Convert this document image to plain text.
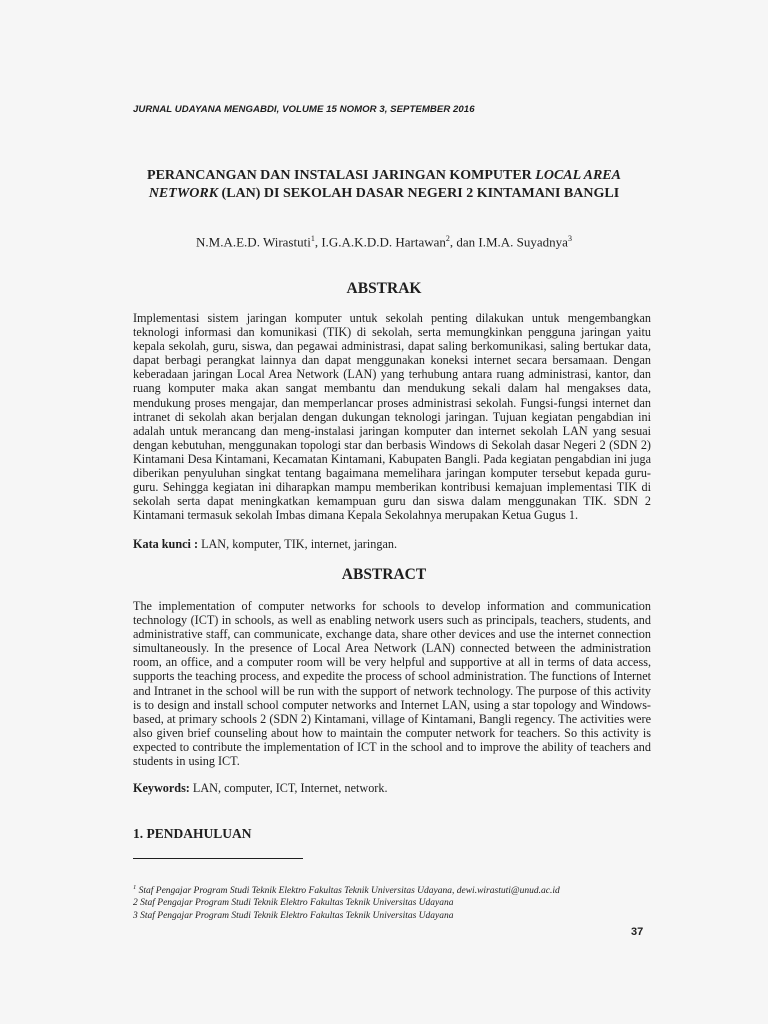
JURNAL UDAYANA MENGABDI, VOLUME 15 NOMOR 3, SEPTEMBER 2016
PERANCANGAN DAN INSTALASI JARINGAN KOMPUTER LOCAL AREA
NETWORK (LAN) DI SEKOLAH DASAR NEGERI 2 KINTAMANI BANGLI
N.M.A.E.D. Wirastuti$^1$, I.G.A.K.D.D. Hartawan$^2$, dan I.M.A. Suyadnya$^3$
ABSTRAK
Implementasi sistem jaringan komputer untuk sekolah penting dilakukan untuk mengembangkan teknologi informasi dan komunikasi (TIK) di sekolah, serta memungkinkan pengguna jaringan yaitu kepala sekolah, guru, siswa, dan pegawai administrasi, dapat saling berkomunikasi, saling bertukar data, dapat berbagi perangkat lainnya dan dapat menggunakan koneksi internet secara bersamaan. Dengan keberadaan jaringan Local Area Network (LAN) yang terhubung antara ruang administrasi, kantor, dan ruang komputer maka akan sangat membantu dan mendukung sekali dalam hal mengakses data, mendukung proses mengajar, dan memperlancar proses administrasi sekolah. Fungsi-fungsi internet dan intranet di sekolah akan berjalan dengan dukungan teknologi jaringan. Tujuan kegiatan pengabdian ini adalah untuk merancang dan meng-instalasi jaringan komputer dan internet sekolah LAN yang sesuai dengan kebutuhan, menggunakan topologi star dan berbasis Windows di Sekolah dasar Negeri 2 (SDN 2) Kintamani Desa Kintamani, Kecamatan Kintamani, Kabupaten Bangli. Pada kegiatan pengabdian ini juga diberikan penyuluhan singkat tentang bagaimana memelihara jaringan komputer tersebut kepada guru-guru. Sehingga kegiatan ini diharapkan mampu memberikan kontribusi kemajuan implementasi TIK di sekolah serta dapat meningkatkan kemampuan guru dan siswa dalam menggunakan TIK. SDN 2 Kintamani termasuk sekolah Imbas dimana Kepala Sekolahnya merupakan Ketua Gugus 1.
Kata kunci : LAN, komputer, TIK, internet, jaringan.
ABSTRACT
The implementation of computer networks for schools to develop information and communication technology (ICT) in schools, as well as enabling network users such as principals, teachers, students, and administrative staff, can communicate, exchange data, share other devices and use the internet connection simultaneously. In the presence of Local Area Network (LAN) connected between the administration room, an office, and a computer room will be very helpful and supportive at all in terms of data access, supports the teaching process, and expedite the process of school administration. The functions of Internet and Intranet in the school will be run with the support of network technology. The purpose of this activity is to design and install school computer networks and Internet LAN, using a star topology and Windows-based, at primary schools 2 (SDN 2) Kintamani, village of Kintamani, Bangli regency. The activities were also given brief counseling about how to maintain the computer network for teachers. So this activity is expected to contribute the implementation of ICT in the school and to improve the ability of teachers and students in using ICT.
Keywords: LAN, computer, ICT, Internet, network.
1. PENDAHULUAN
$^1$ Staf Pengajar Program Studi Teknik Elektro Fakultas Teknik Universitas Udayana, dewi.wirastuti@unud.ac.id
2 Staf Pengajar Program Studi Teknik Elektro Fakultas Teknik Universitas Udayana
3 Staf Pengajar Program Studi Teknik Elektro Fakultas Teknik Universitas Udayana
37
